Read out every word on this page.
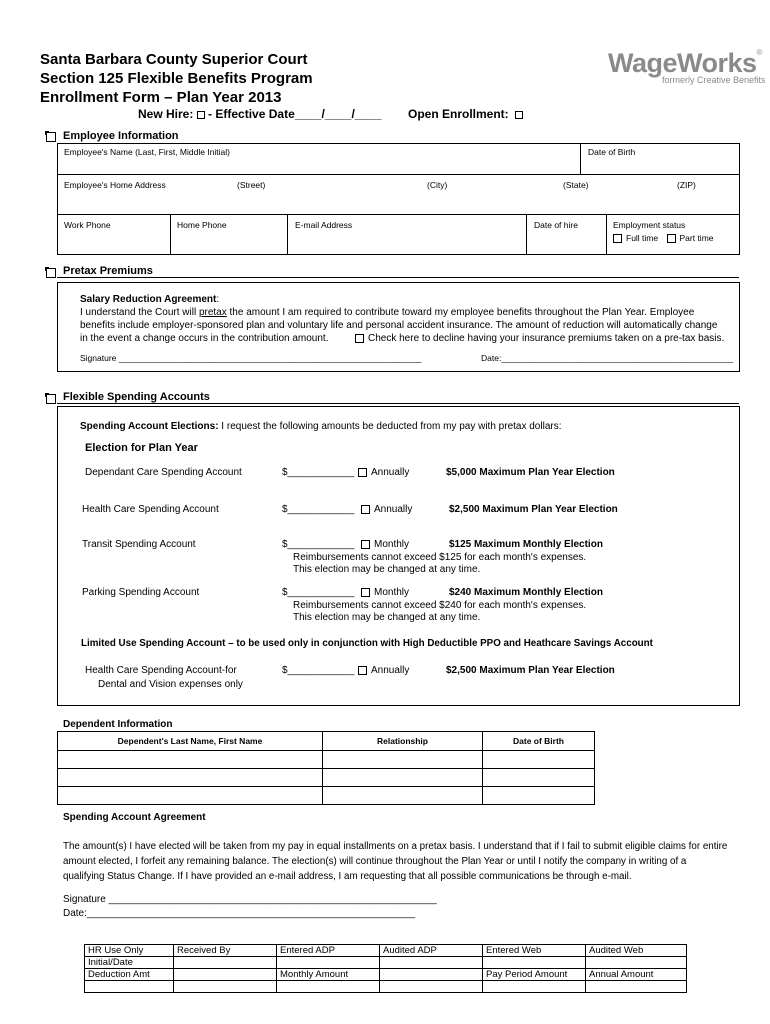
Santa Barbara County Superior Court
Section 125 Flexible Benefits Program
Enrollment Form – Plan Year 2013
New Hire: - Effective Date____/____/____ Open Enrollment:
WageWorks®
formerly Creative Benefits
Employee Information
Employee's Name (Last, First, Middle Initial)	Date of Birth
Employee's Home Address	(Street)	(City)	(State)	(ZIP)
Work Phone	Home Phone	E-mail Address	Date of hire	Employment status
Full time	Part time
Pretax Premiums
Salary Reduction Agreement:
I understand the Court will pretax the amount I am required to contribute toward my employee benefits throughout the Plan Year. Employee
benefits include employer-sponsored plan and voluntary life and personal accident insurance. The amount of reduction will automatically change
in the event a change occurs in the contribution amount.	Check here to decline having your insurance premiums taken on a pre-tax basis.
Signature ________________________________________________________________	Date:_________________________________________________
Flexible Spending Accounts
Spending Account Elections: I request the following amounts be deducted from my pay with pretax dollars:
Election for Plan Year
Dependant Care Spending Account	$____________	Annually	$5,000 Maximum Plan Year Election
Health Care Spending Account	$____________	Annually	$2,500 Maximum Plan Year Election
Transit Spending Account	$____________	Monthly	$125 Maximum Monthly Election
Reimbursements cannot exceed $125 for each month's expenses.
This election may be changed at any time.
Parking Spending Account	$____________	Monthly	$240 Maximum Monthly Election
Reimbursements cannot exceed $240 for each month's expenses.
This election may be changed at any time.
Limited Use Spending Account – to be used only in conjunction with High Deductible PPO and Heathcare Savings Account
Health Care Spending Account-for
Dental and Vision expenses only
$____________	Annually	$2,500 Maximum Plan Year Election
Dependent Information
Dependent's Last Name, First Name	Relationship	Date of Birth

Spending Account Agreement
The amount(s) I have elected will be taken from my pay in equal installments on a pretax basis. I understand that if I fail to submit eligible claims for entire
amount elected, I forfeit any remaining balance. The election(s) will continue throughout the Plan Year or until I notify the company in writing of a
qualifying Status Change. If I have provided an e-mail address, I am requesting that all possible communications be through e-mail.
Signature ___________________________________________________________
Date:___________________________________________________________
HR Use Only	Received By	Entered ADP	Audited ADP	Entered Web	Audited Web
Initial/Date					
Deduction Amt		Monthly Amount		Pay Period Amount	Annual Amount
